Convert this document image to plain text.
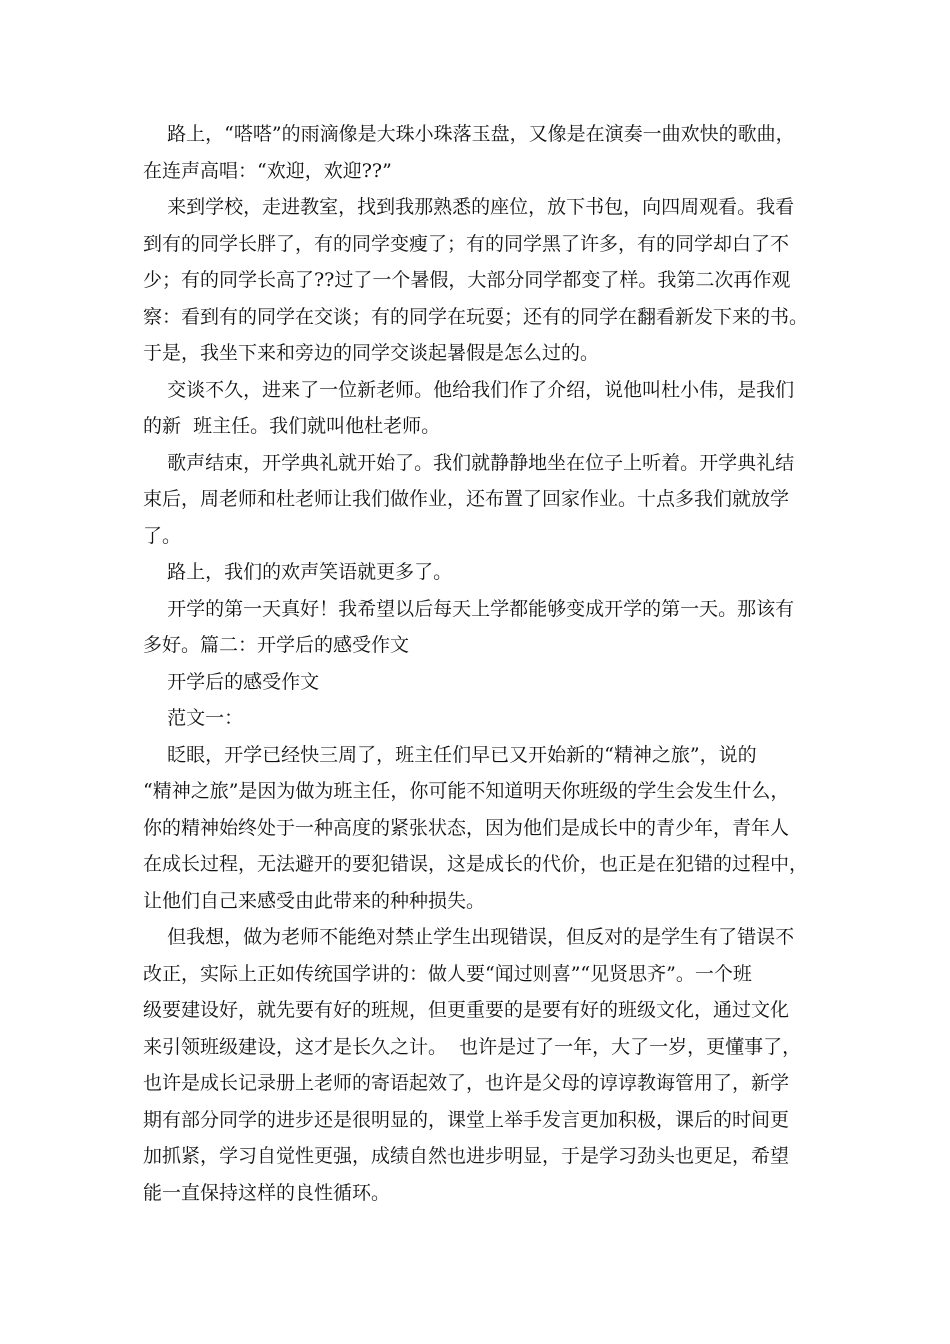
路上，“嗒嗒”的雨滴像是大珠小珠落玉盘，又像是在演奏一曲欢快的歌曲，
在连声高唱：“欢迎，欢迎??”
来到学校，走进教室，找到我那熟悉的座位，放下书包，向四周观看。我看
到有的同学长胖了，有的同学变瘦了；有的同学黑了许多，有的同学却白了不
少；有的同学长高了??过了一个暑假，大部分同学都变了样。我第二次再作观
察：看到有的同学在交谈；有的同学在玩耍；还有的同学在翻看新发下来的书。
于是，我坐下来和旁边的同学交谈起暑假是怎么过的。
交谈不久，进来了一位新老师。他给我们作了介绍，说他叫杜小伟，是我们
的新  班主任。我们就叫他杜老师。
歌声结束，开学典礼就开始了。我们就静静地坐在位子上听着。开学典礼结
束后，周老师和杜老师让我们做作业，还布置了回家作业。十点多我们就放学
了。
路上，我们的欢声笑语就更多了。
开学的第一天真好！我希望以后每天上学都能够变成开学的第一天。那该有
多好。篇二：开学后的感受作文
开学后的感受作文
范文一：
眨眼，开学已经快三周了，班主任们早已又开始新的“精神之旅”，说的
“精神之旅”是因为做为班主任，你可能不知道明天你班级的学生会发生什么，
你的精神始终处于一种高度的紧张状态，因为他们是成长中的青少年，青年人
在成长过程，无法避开的要犯错误，这是成长的代价，也正是在犯错的过程中，
让他们自己来感受由此带来的种种损失。
但我想，做为老师不能绝对禁止学生出现错误，但反对的是学生有了错误不
改正，实际上正如传统国学讲的：做人要“闻过则喜”“见贤思齐”。一个班
级要建设好，就先要有好的班规，但更重要的是要有好的班级文化，通过文化
来引领班级建设，这才是长久之计。  也许是过了一年，大了一岁，更懂事了，
也许是成长记录册上老师的寄语起效了，也许是父母的谆谆教诲管用了，新学
期有部分同学的进步还是很明显的，课堂上举手发言更加积极，课后的时间更
加抓紧，学习自觉性更强，成绩自然也进步明显，于是学习劲头也更足，希望
能一直保持这样的良性循环。
